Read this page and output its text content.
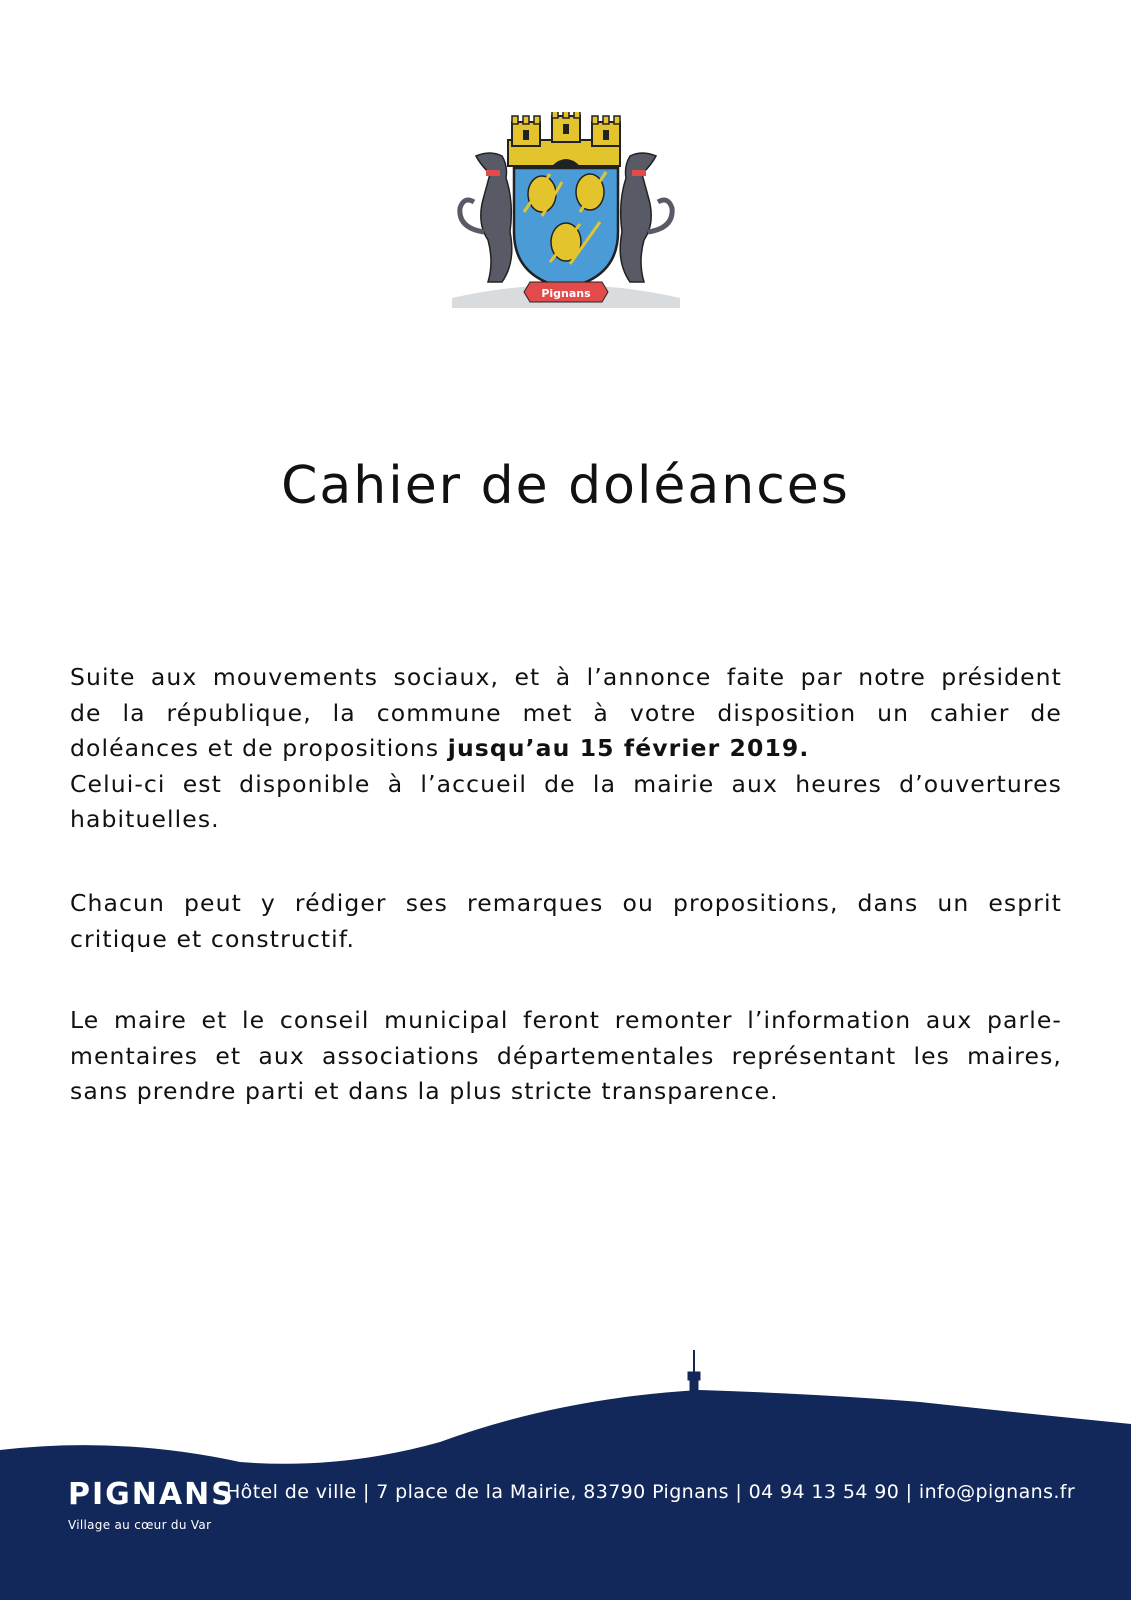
Pignans
Cahier de doléances

Suite aux mouvements sociaux, et à l’annonce faite par notre président
de la république, la commune met à votre disposition un cahier de
doléances et de propositions jusqu’au 15 février 2019.
Celui-ci est disponible à l’accueil de la mairie aux heures d’ouvertures
habituelles.

Chacun peut y rédiger ses remarques ou propositions, dans un esprit
critique et constructif.

Le maire et le conseil municipal feront remonter l’information aux parle-
mentaires et aux associations départementales représentant les maires,
sans prendre parti et dans la plus stricte transparence.

PIGNANS
Village au cœur du Var
Hôtel de ville | 7 place de la Mairie, 83790 Pignans | 04 94 13 54 90 | info@pignans.fr
